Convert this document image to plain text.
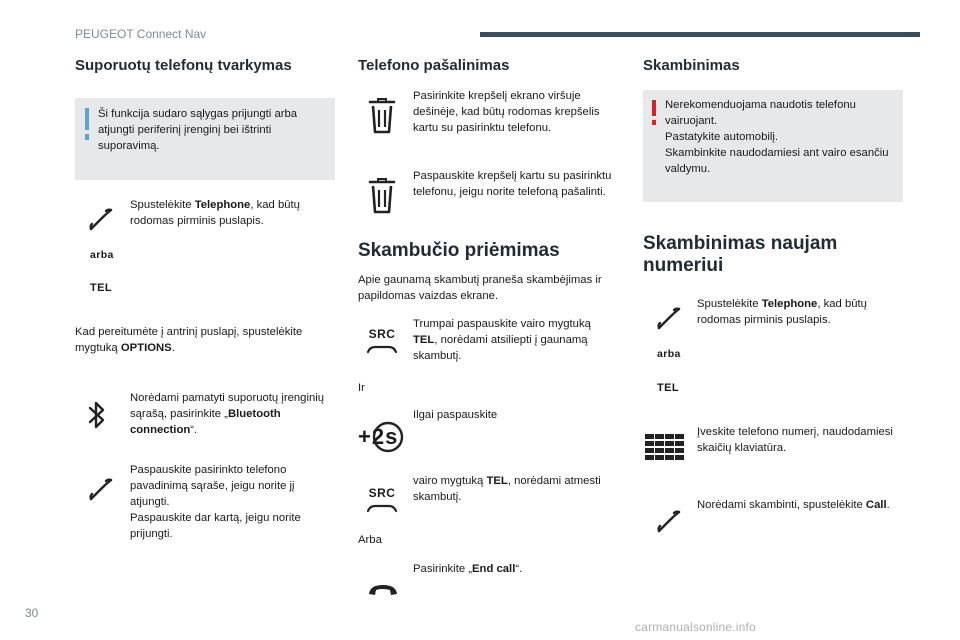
PEUGEOT Connect Nav
Suporuotų telefonų tvarkymas
Ši funkcija sudaro sąlygas prijungti arba atjungti periferinį įrenginį bei ištrinti suporavimą.
Spustelėkite Telephone, kad būtų rodomas pirminis puslapis.
arba
TEL
Kad pereitumėte į antrinį puslapį, spustelėkite mygtuką OPTIONS.
Norėdami pamatyti suporuotų įrenginių sąrašą, pasirinkite „Bluetooth connection“.
Paspauskite pasirinkto telefono pavadinimą sąraše, jeigu norite jį atjungti.
Paspauskite dar kartą, jeigu norite prijungti.
Telefono pašalinimas
Pasirinkite krepšelį ekrano viršuje dešinėje, kad būtų rodomas krepšelis kartu su pasirinktu telefonu.
Paspauskite krepšelį kartu su pasirinktu telefonu, jeigu norite telefoną pašalinti.
Skambučio priėmimas
Apie gaunamą skambutį praneša skambėjimas ir papildomas vaizdas ekrane.
SRC
Trumpai paspauskite vairo mygtuką TEL, norėdami atsiliepti į gaunamą skambutį.
Ir
+2s
Ilgai paspauskite
SRC
vairo mygtuką TEL, norėdami atmesti skambutį.
Arba
Pasirinkite „End call“.
Skambinimas
Nerekomenduojama naudotis telefonu vairuojant.
Pastatykite automobilį.
Skambinkite naudodamiesi ant vairo esančiu valdymu.
Skambinimas naujam numeriui
Spustelėkite Telephone, kad būtų rodomas pirminis puslapis.
arba
TEL
Įveskite telefono numerį, naudodamiesi skaičių klaviatūra.
Norėdami skambinti, spustelėkite Call.
30
carmanualsonline.info
